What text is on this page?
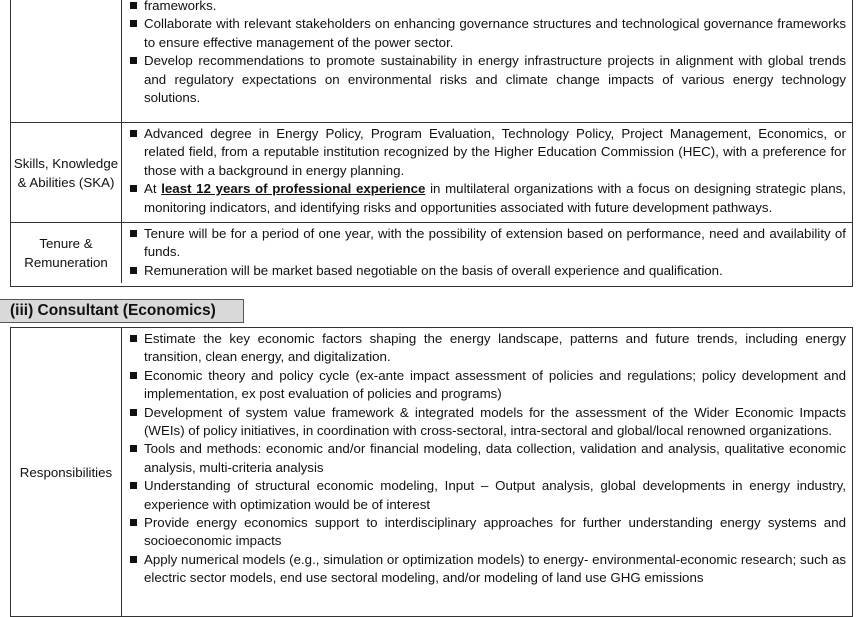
frameworks.
Collaborate with relevant stakeholders on enhancing governance structures and technological governance frameworks to ensure effective management of the power sector.
Develop recommendations to promote sustainability in energy infrastructure projects in alignment with global trends and regulatory expectations on environmental risks and climate change impacts of various energy technology solutions.
Skills, Knowledge & Abilities (SKA)
Advanced degree in Energy Policy, Program Evaluation, Technology Policy, Project Management, Economics, or related field, from a reputable institution recognized by the Higher Education Commission (HEC), with a preference for those with a background in energy planning.
At least 12 years of professional experience in multilateral organizations with a focus on designing strategic plans, monitoring indicators, and identifying risks and opportunities associated with future development pathways.
Tenure & Remuneration
Tenure will be for a period of one year, with the possibility of extension based on performance, need and availability of funds.
Remuneration will be market based negotiable on the basis of overall experience and qualification.
(iii) Consultant (Economics)
Responsibilities
Estimate the key economic factors shaping the energy landscape, patterns and future trends, including energy transition, clean energy, and digitalization.
Economic theory and policy cycle (ex-ante impact assessment of policies and regulations; policy development and implementation, ex post evaluation of policies and programs)
Development of system value framework & integrated models for the assessment of the Wider Economic Impacts (WEIs) of policy initiatives, in coordination with cross-sectoral, intra-sectoral and global/local renowned organizations.
Tools and methods: economic and/or financial modeling, data collection, validation and analysis, qualitative economic analysis, multi-criteria analysis
Understanding of structural economic modeling, Input – Output analysis, global developments in energy industry, experience with optimization would be of interest
Provide energy economics support to interdisciplinary approaches for further understanding energy systems and socioeconomic impacts
Apply numerical models (e.g., simulation or optimization models) to energy- environmental-economic research; such as electric sector models, end use sectoral modeling, and/or modeling of land use GHG emissions
